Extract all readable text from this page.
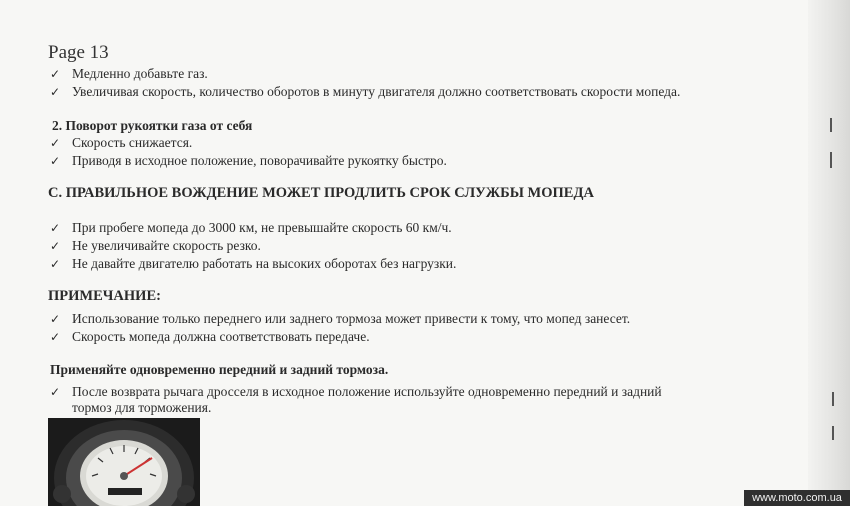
Page 13
✓ Медленно добавьте газ.
✓ Увеличивая скорость, количество оборотов в минуту двигателя должно соответствовать скорости мопеда.
2. Поворот рукоятки газа от себя
✓ Скорость снижается.
✓ Приводя в исходное положение, поворачивайте рукоятку быстро.
С. ПРАВИЛЬНОЕ ВОЖДЕНИЕ МОЖЕТ ПРОДЛИТЬ СРОК СЛУЖБЫ МОПЕДА
✓ При пробеге мопеда до 3000 км, не превышайте скорость 60 км/ч.
✓ Не увеличивайте скорость резко.
✓ Не давайте двигателю работать на высоких оборотах без нагрузки.
ПРИМЕЧАНИЕ:
✓ Использование только переднего или заднего тормоза может привести к тому, что мопед занесет.
✓ Скорость мопеда должна соответствовать передаче.
Применяйте одновременно передний и задний тормоза.
✓ После возврата рычага дросселя в исходное положение используйте одновременно передний и задний
тормоз для торможения.
www.moto.com.ua
